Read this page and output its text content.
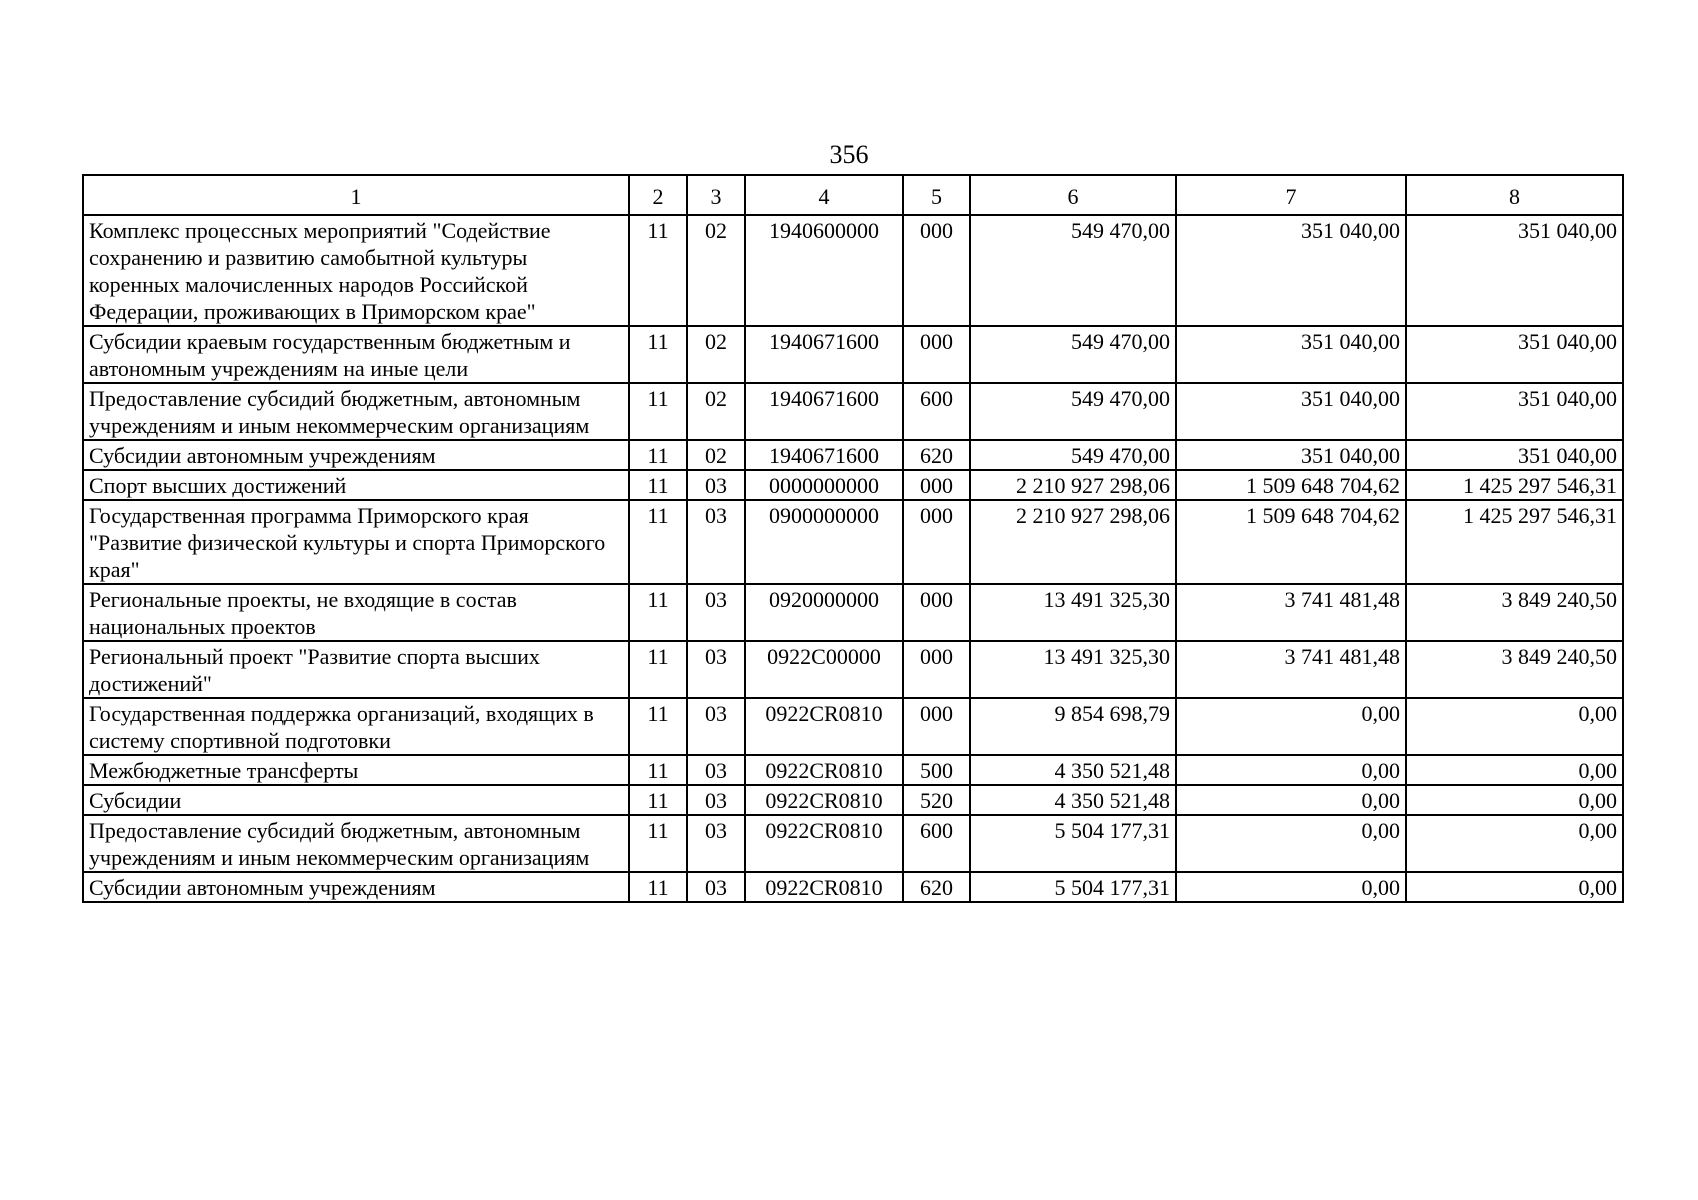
356
1	2	3	4	5	6	7	8
Комплекс процессных мероприятий "Содействие сохранению и развитию самобытной культуры коренных малочисленных народов Российской Федерации, проживающих в Приморском крае"	11	02	1940600000	000	549 470,00	351 040,00	351 040,00
Субсидии краевым государственным бюджетным и автономным учреждениям на иные цели	11	02	1940671600	000	549 470,00	351 040,00	351 040,00
Предоставление субсидий бюджетным, автономным учреждениям и иным некоммерческим организациям	11	02	1940671600	600	549 470,00	351 040,00	351 040,00
Субсидии автономным учреждениям	11	02	1940671600	620	549 470,00	351 040,00	351 040,00
Спорт высших достижений	11	03	0000000000	000	2 210 927 298,06	1 509 648 704,62	1 425 297 546,31
Государственная программа Приморского края "Развитие физической культуры и спорта Приморского края"	11	03	0900000000	000	2 210 927 298,06	1 509 648 704,62	1 425 297 546,31
Региональные проекты, не входящие в состав национальных проектов	11	03	0920000000	000	13 491 325,30	3 741 481,48	3 849 240,50
Региональный проект "Развитие спорта высших достижений"	11	03	0922C00000	000	13 491 325,30	3 741 481,48	3 849 240,50
Государственная поддержка организаций, входящих в систему спортивной подготовки	11	03	0922CR0810	000	9 854 698,79	0,00	0,00
Межбюджетные трансферты	11	03	0922CR0810	500	4 350 521,48	0,00	0,00
Субсидии	11	03	0922CR0810	520	4 350 521,48	0,00	0,00
Предоставление субсидий бюджетным, автономным учреждениям и иным некоммерческим организациям	11	03	0922CR0810	600	5 504 177,31	0,00	0,00
Субсидии автономным учреждениям	11	03	0922CR0810	620	5 504 177,31	0,00	0,00
